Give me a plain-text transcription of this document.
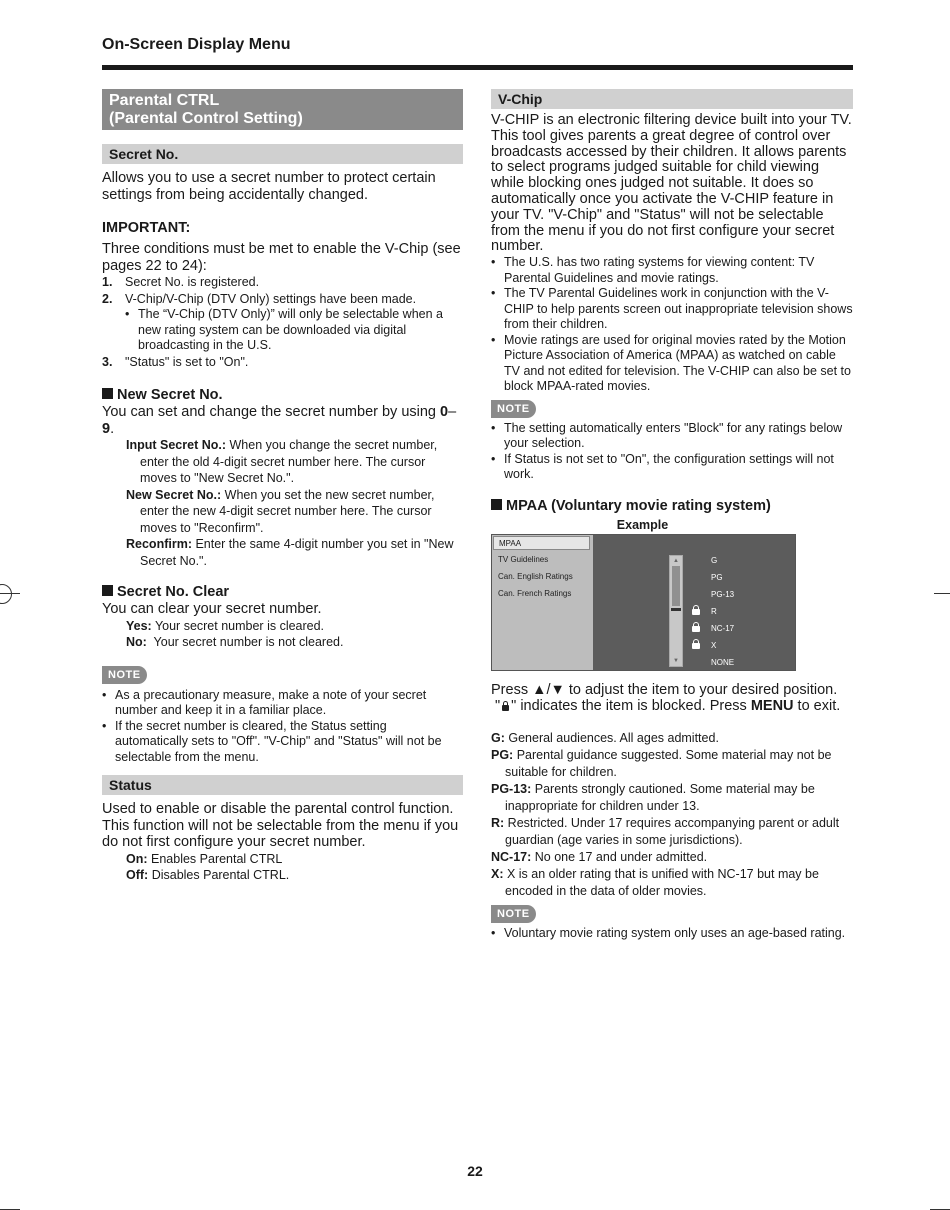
On-Screen Display Menu
Parental CTRL
(Parental Control Setting)
Secret No.
Allows you to use a secret number to protect certain settings from being accidentally changed.
IMPORTANT:
Three conditions must be met to enable the V-Chip (see pages 22 to 24):
1.	Secret No. is registered.
2.	V-Chip/V-Chip (DTV Only) settings have been made.
• The “V-Chip (DTV Only)” will only be selectable when a new rating system can be downloaded via digital broadcasting in the U.S.
3.	"Status" is set to "On".
New Secret No.
You can set and change the secret number by using 0–9.
Input Secret No.: When you change the secret number, enter the old 4-digit secret number here. The cursor moves to "New Secret No.".
New Secret No.: When you set the new secret number, enter the new 4-digit secret number here. The cursor moves to "Reconfirm".
Reconfirm: Enter the same 4-digit number you set in "New Secret No.".
Secret No. Clear
You can clear your secret number.
Yes: Your secret number is cleared.
No:  Your secret number is not cleared.
NOTE
• As a precautionary measure, make a note of your secret number and keep it in a familiar place.
• If the secret number is cleared, the Status setting automatically sets to "Off". "V-Chip" and "Status" will not be selectable from the menu.
Status
Used to enable or disable the parental control function. This function will not be selectable from the menu if you do not first configure your secret number.
On: Enables Parental CTRL
Off: Disables Parental CTRL.
V-Chip
V-CHIP is an electronic filtering device built into your TV. This tool gives parents a great degree of control over broadcasts accessed by their children. It allows parents to select programs judged suitable for child viewing while blocking ones judged not suitable. It does so automatically once you activate the V-CHIP feature in your TV. "V-Chip" and "Status" will not be selectable from the menu if you do not first configure your secret number.
• The U.S. has two rating systems for viewing content: TV Parental Guidelines and movie ratings.
• The TV Parental Guidelines work in conjunction with the V-CHIP to help parents screen out inappropriate television shows from their children.
• Movie ratings are used for original movies rated by the Motion Picture Association of America (MPAA) as watched on cable TV and not edited for television. The V-CHIP can also be set to block MPAA-rated movies.
NOTE
• The setting automatically enters "Block" for any ratings below your selection.
• If Status is not set to "On", the configuration settings will not work.
MPAA (Voluntary movie rating system)
Example
MPAA
TV Guidelines
Can. English Ratings
Can. French Ratings
▲
▼
G
PG
PG-13
R
NC-17
X
NONE
Press ▲/▼ to adjust the item to your desired position.
" " indicates the item is blocked. Press MENU to exit.
G: General audiences. All ages admitted.
PG: Parental guidance suggested. Some material may not be suitable for children.
PG-13: Parents strongly cautioned. Some material may be inappropriate for children under 13.
R: Restricted. Under 17 requires accompanying parent or adult guardian (age varies in some jurisdictions).
NC-17: No one 17 and under admitted.
X: X is an older rating that is unified with NC-17 but may be encoded in the data of older movies.
NOTE
• Voluntary movie rating system only uses an age-based rating.
22
